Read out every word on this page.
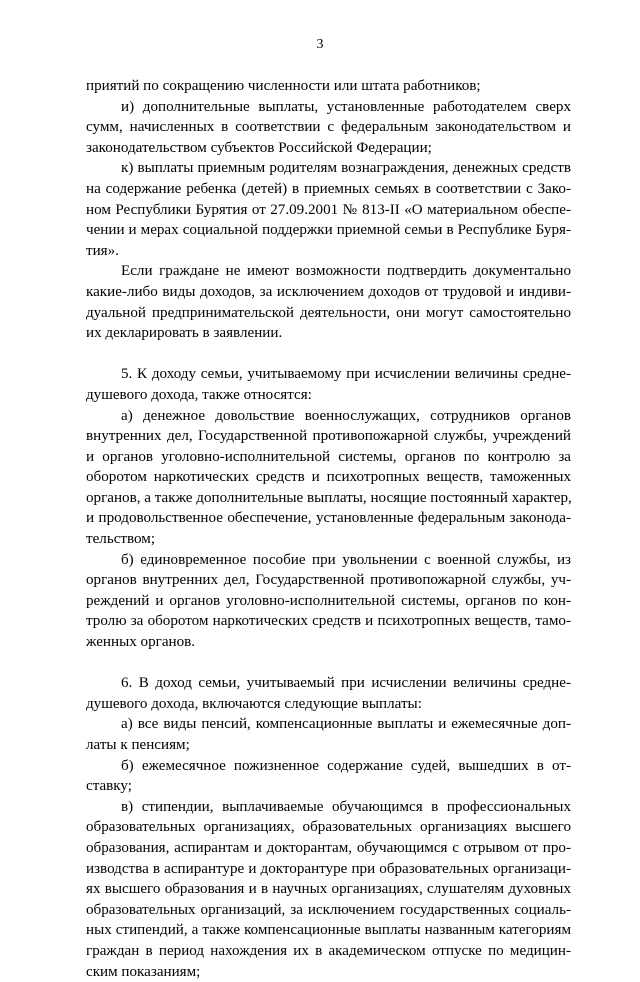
3
приятий по сокращению численности или штата работников;
и) дополнительные выплаты, установленные работодателем сверх
сумм, начисленных в соответствии с федеральным законодательством и
законодательством субъектов Российской Федерации;
к) выплаты приемным родителям вознаграждения, денежных средств
на содержание ребенка (детей) в приемных семьях в соответствии с Зако-
ном Республики Бурятия от 27.09.2001 № 813-II «О материальном обеспе-
чении и мерах социальной поддержки приемной семьи в Республике Буря-
тия».
Если граждане не имеют возможности подтвердить документально
какие-либо виды доходов, за исключением доходов от трудовой и индиви-
дуальной предпринимательской деятельности, они могут самостоятельно
их декларировать в заявлении.
5. К доходу семьи, учитываемому при исчислении величины средне-
душевого дохода, также относятся:
а) денежное довольствие военнослужащих, сотрудников органов
внутренних дел, Государственной противопожарной службы, учреждений
и органов уголовно-исполнительной системы, органов по контролю за
оборотом наркотических средств и психотропных веществ, таможенных
органов, а также дополнительные выплаты, носящие постоянный характер,
и продовольственное обеспечение, установленные федеральным законода-
тельством;
б) единовременное пособие при увольнении с военной службы, из
органов внутренних дел, Государственной противопожарной службы, уч-
реждений и органов уголовно-исполнительной системы, органов по кон-
тролю за оборотом наркотических средств и психотропных веществ, тамо-
женных органов.
6. В доход семьи, учитываемый при исчислении величины средне-
душевого дохода, включаются следующие выплаты:
а) все виды пенсий, компенсационные выплаты и ежемесячные доп-
латы к пенсиям;
б) ежемесячное пожизненное содержание судей, вышедших в от-
ставку;
в) стипендии, выплачиваемые обучающимся в профессиональных
образовательных организациях, образовательных организациях высшего
образования, аспирантам и докторантам, обучающимся с отрывом от про-
изводства в аспирантуре и докторантуре при образовательных организаци-
ях высшего образования и в научных организациях, слушателям духовных
образовательных организаций, за исключением государственных социаль-
ных стипендий, а также компенсационные выплаты названным категориям
граждан в период нахождения их в академическом отпуске по медицин-
ским показаниям;
